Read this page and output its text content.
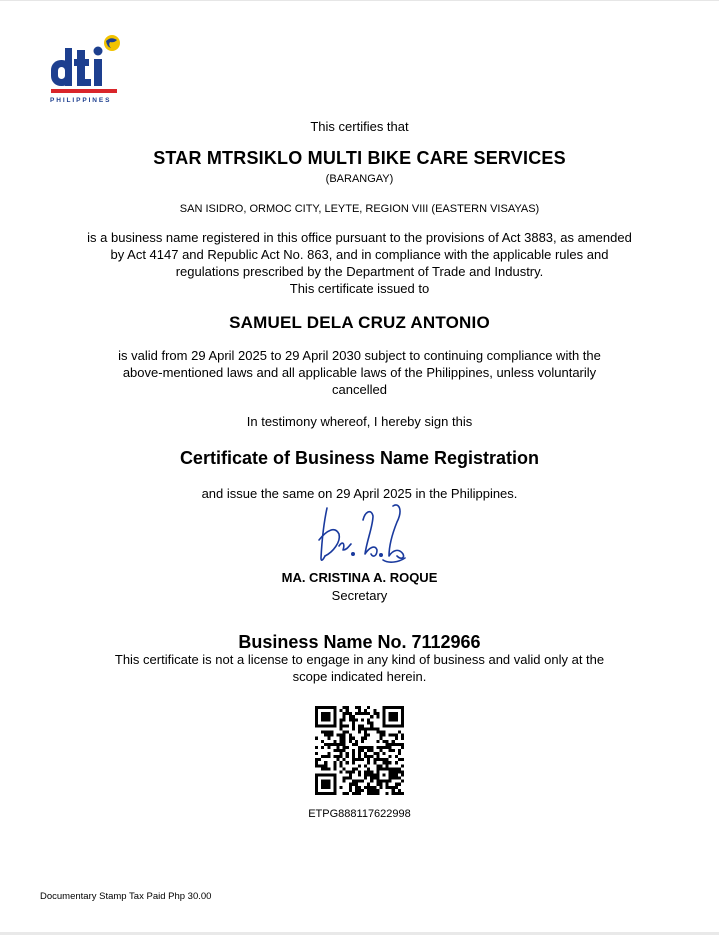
PHILIPPINES
This certifies that
STAR MTRSIKLO MULTI BIKE CARE SERVICES
(BARANGAY)
SAN ISIDRO, ORMOC CITY, LEYTE, REGION VIII (EASTERN VISAYAS)
is a business name registered in this office pursuant to the provisions of Act 3883, as amended
by Act 4147 and Republic Act No. 863, and in compliance with the applicable rules and
regulations prescribed by the Department of Trade and Industry.
This certificate issued to
SAMUEL DELA CRUZ ANTONIO
is valid from 29 April 2025 to 29 April 2030 subject to continuing compliance with the
above-mentioned laws and all applicable laws of the Philippines, unless voluntarily
cancelled
In testimony whereof, I hereby sign this
Certificate of Business Name Registration
and issue the same on 29 April 2025 in the Philippines.
MA. CRISTINA A. ROQUE
Secretary
Business Name No. 7112966
This certificate is not a license to engage in any kind of business and valid only at the
scope indicated herein.
ETPG888117622998
Documentary Stamp Tax Paid Php 30.00
